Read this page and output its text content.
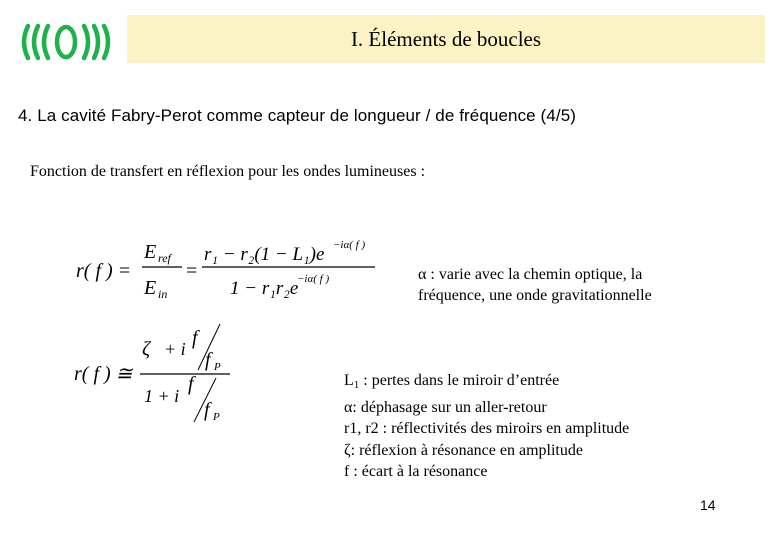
I. Éléments de boucles
4. La cavité Fabry-Perot comme capteur de longueur / de fréquence (4/5)
Fonction de transfert en réflexion pour les ondes lumineuses :
r( f ) =
E ref
E in
=
r₁ − r₂(1 − L₁)e −iα( f )
1 − r₁r₂e
−iα( f )
r( f ) ≅
ζ + i f
f P
1 + i
f
f P
α : varie avec la chemin optique, la
fréquence, une onde gravitationnelle
$L_1$ : pertes dans le miroir d’entrée
α: déphasage sur un aller-retour
r1, r2 : réflectivités des miroirs en amplitude
ζ: réflexion à résonance en amplitude
f : écart à la résonance
14
